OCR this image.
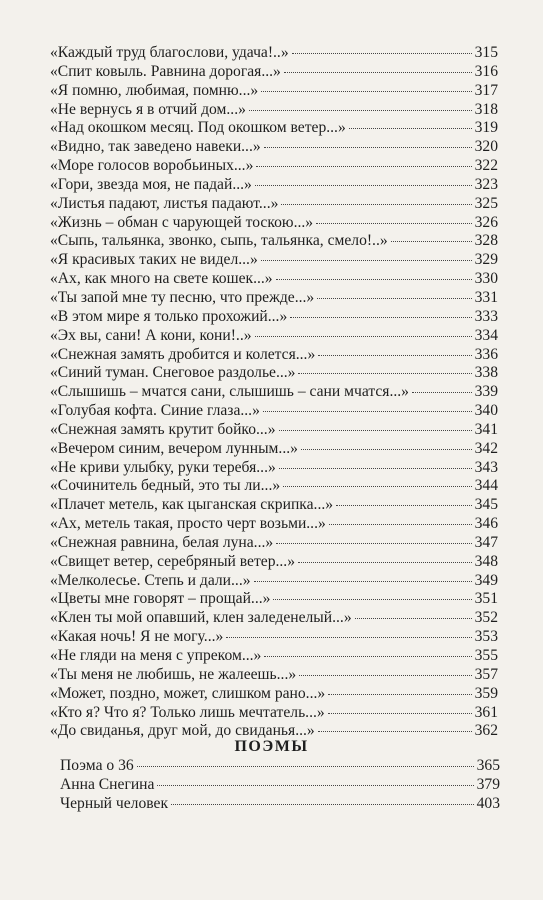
«Каждый труд благослови, удача!..»	315
«Спит ковыль. Равнина дорогая...»	316
«Я помню, любимая, помню...»	317
«Не вернусь я в отчий дом...»	318
«Над окошком месяц. Под окошком ветер...»	319
«Видно, так заведено навеки...»	320
«Море голосов воробьиных...»	322
«Гори, звезда моя, не падай...»	323
«Листья падают, листья падают...»	325
«Жизнь – обман с чарующей тоскою...»	326
«Сыпь, тальянка, звонко, сыпь, тальянка, смело!..»	328
«Я красивых таких не видел...»	329
«Ах, как много на свете кошек...»	330
«Ты запой мне ту песню, что прежде...»	331
«В этом мире я только прохожий...»	333
«Эх вы, сани! А кони, кони!..»	334
«Снежная замять дробится и колется...»	336
«Синий туман. Снеговое раздолье...»	338
«Слышишь – мчатся сани, слышишь – сани мчатся...»	339
«Голубая кофта. Синие глаза...»	340
«Снежная замять крутит бойко...»	341
«Вечером синим, вечером лунным...»	342
«Не криви улыбку, руки теребя...»	343
«Сочинитель бедный, это ты ли...»	344
«Плачет метель, как цыганская скрипка...»	345
«Ах, метель такая, просто черт возьми...»	346
«Снежная равнина, белая луна...»	347
«Свищет ветер, серебряный ветер...»	348
«Мелколесье. Степь и дали...»	349
«Цветы мне говорят – прощай...»	351
«Клен ты мой опавший, клен заледенелый...»	352
«Какая ночь! Я не могу...»	353
«Не гляди на меня с упреком...»	355
«Ты меня не любишь, не жалеешь...»	357
«Может, поздно, может, слишком рано...»	359
«Кто я? Что я? Только лишь мечтатель...»	361
«До свиданья, друг мой, до свиданья...»	362
ПОЭМЫ
Поэма о 36	365
Анна Снегина	379
Черный человек	403
